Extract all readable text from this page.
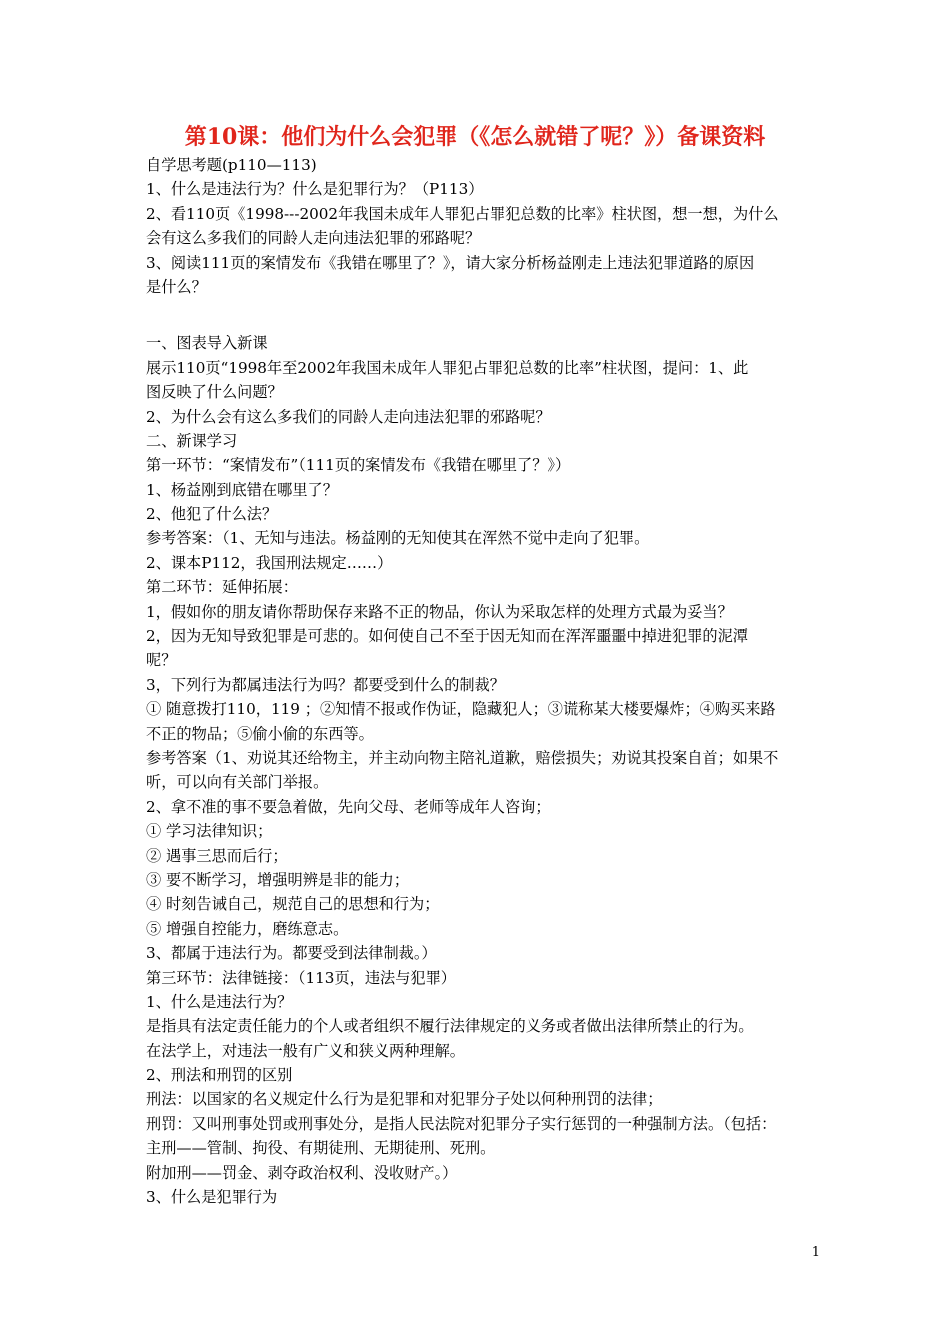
第10课：他们为什么会犯罪（《怎么就错了呢？》）备课资料
自学思考题(p110—113)
1、什么是违法行为？什么是犯罪行为？（P113）
2、看110页《1998---2002年我国未成年人罪犯占罪犯总数的比率》柱状图，想一想，为什么
会有这么多我们的同龄人走向违法犯罪的邪路呢？
3、阅读111页的案情发布《我错在哪里了？》，请大家分析杨益刚走上违法犯罪道路的原因
是什么？
一、图表导入新课
展示110页“1998年至2002年我国未成年人罪犯占罪犯总数的比率”柱状图，提问：1、此
图反映了什么问题？
2、为什么会有这么多我们的同龄人走向违法犯罪的邪路呢？
二、新课学习
第一环节：“案情发布”（111页的案情发布《我错在哪里了？》）
1、杨益刚到底错在哪里了？
2、他犯了什么法？
参考答案：（1、无知与违法。杨益刚的无知使其在浑然不觉中走向了犯罪。
2、课本P112，我国刑法规定……）
第二环节：延伸拓展：
1，假如你的朋友请你帮助保存来路不正的物品，你认为采取怎样的处理方式最为妥当？
2，因为无知导致犯罪是可悲的。如何使自己不至于因无知而在浑浑噩噩中掉进犯罪的泥潭
呢？
3，下列行为都属违法行为吗？都要受到什么的制裁？
① 随意拨打110，119 ；②知情不报或作伪证，隐藏犯人；③谎称某大楼要爆炸；④购买来路
不正的物品；⑤偷小偷的东西等。
参考答案（1、劝说其还给物主，并主动向物主陪礼道歉，赔偿损失；劝说其投案自首；如果不
听，可以向有关部门举报。
2、拿不准的事不要急着做，先向父母、老师等成年人咨询；
① 学习法律知识；
② 遇事三思而后行；
③ 要不断学习，增强明辨是非的能力；
④ 时刻告诫自己，规范自己的思想和行为；
⑤ 增强自控能力，磨练意志。
3、都属于违法行为。都要受到法律制裁。）
第三环节：法律链接：（113页，违法与犯罪）
1、什么是违法行为？
是指具有法定责任能力的个人或者组织不履行法律规定的义务或者做出法律所禁止的行为。
在法学上，对违法一般有广义和狭义两种理解。
2、刑法和刑罚的区别
刑法：以国家的名义规定什么行为是犯罪和对犯罪分子处以何种刑罚的法律；
刑罚：又叫刑事处罚或刑事处分，是指人民法院对犯罪分子实行惩罚的一种强制方法。（包括：
主刑——管制、拘役、有期徒刑、无期徒刑、死刑。
附加刑——罚金、剥夺政治权利、没收财产。）
3、什么是犯罪行为
1
